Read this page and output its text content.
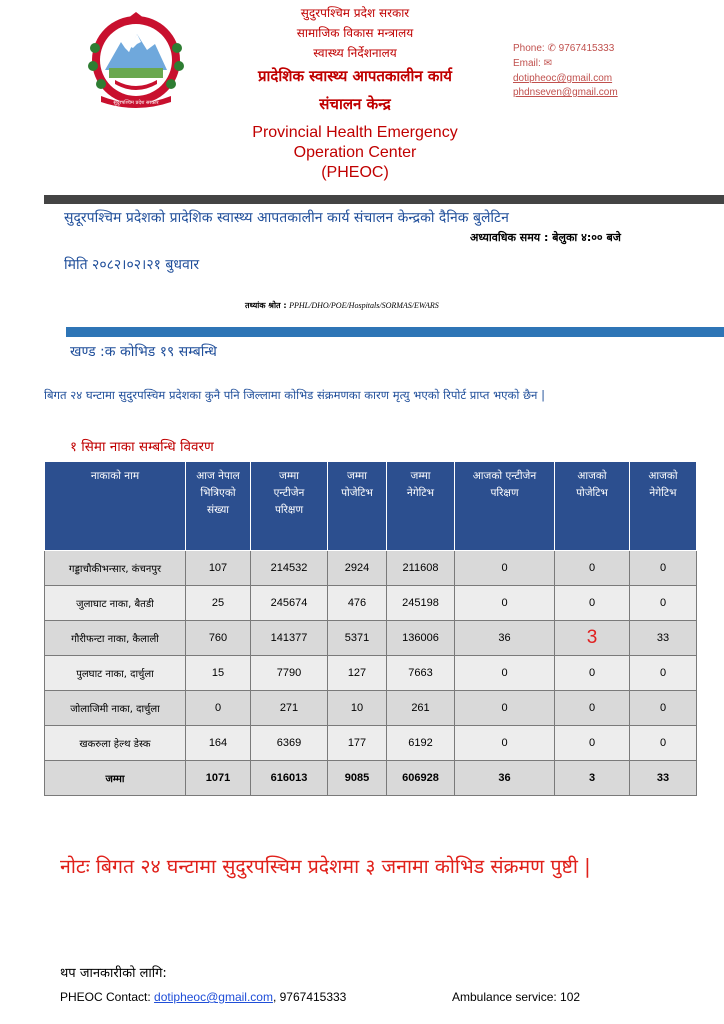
सुदुरपश्चिम प्रदेश सरकार
सुदुरपश्चिम प्रदेश सरकार
सामाजिक विकास मन्त्रालय
स्वास्थ्य निर्देशनालय
प्रादेशिक स्वास्थ्य आपतकालीन कार्य
संचालन केन्द्र
Provincial Health Emergency
Operation Center
(PHEOC)
Phone: ✆ 9767415333
Email: ✉
dotipheoc@gmail.com
phdnseven@gmail.com
सुदूरपश्चिम प्रदेशको प्रादेशिक स्वास्थ्य आपतकालीन कार्य संचालन केन्द्रको दैनिक बुलेटिन
अध्यावधिक समय : बेलुका ४:०० बजे
मिति २०८२।०२।२१ बुधवार
तथ्यांक श्रोत : PPHL/DHO/POE/Hospitals/SORMAS/EWARS
खण्ड :क कोभिड १९ सम्बन्धि
बिगत २४ घन्टामा सुदुरपस्चिम प्रदेशका कुनै पनि जिल्लामा कोभिड संक्रमणका कारण मृत्यु भएको रिपोर्ट प्राप्त भएकाे छैन |
१ सिमा नाका सम्बन्धि विवरण
नाकाको नाम	आज नेपाल भित्रिएको संख्या	जम्मा एन्टीजेन परिक्षण	जम्मा पोजेटिभ	जम्मा नेगेटिभ	आजको एन्टीजेन परिक्षण	आजको पोजेटिभ	आजको नेगेटिभ
गड्डाचौकीभन्सार, कंचनपुर	107	214532	2924	211608	0	0	0
जुलाघाट नाका, बैतडी	25	245674	476	245198	0	0	0
गौरीफन्टा नाका, कैलाली	760	141377	5371	136006	36	3	33
पुलघाट नाका, दार्चुला	15	7790	127	7663	0	0	0
जोलाजिमी नाका, दार्चुला	0	271	10	261	0	0	0
खकरुला हेल्थ डेस्क	164	6369	177	6192	0	0	0
जम्मा	1071	616013	9085	606928	36	3	33
नोटः बिगत २४ घन्टामा सुदुरपस्चिम प्रदेशमा ३ जनामा कोभिड संक्रमण पुष्टी |
थप जानकारीको लागि:
PHEOC Contact: dotipheoc@gmail.com, 9767415333	Ambulance service: 102
